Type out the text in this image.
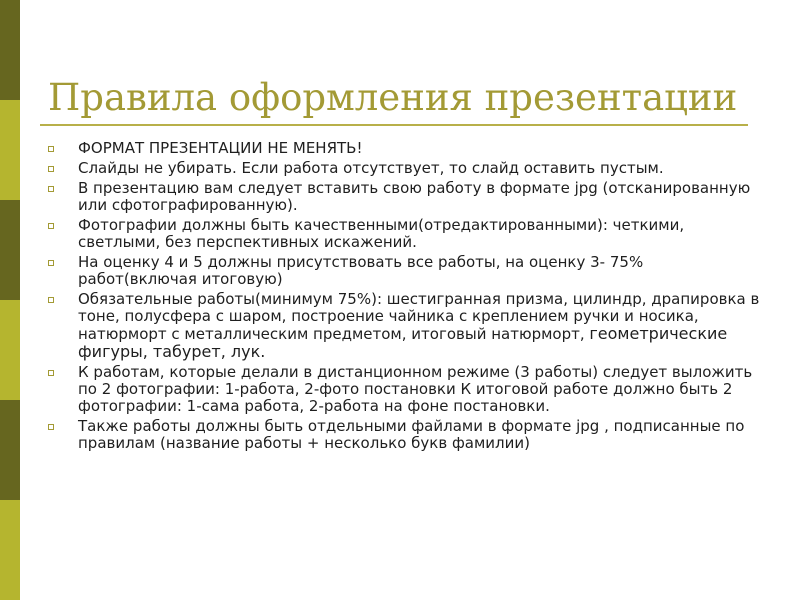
Правила оформления презентации
ФОРМАТ ПРЕЗЕНТАЦИИ НЕ МЕНЯТЬ!
Слайды не убирать. Если работа отсутствует, то слайд оставить пустым.
В презентацию вам следует вставить свою работу в формате jpg (отсканированную или сфотографированную).
Фотографии должны быть качественными(отредактированными): четкими, светлыми, без перспективных искажений.
На оценку 4 и 5 должны присутствовать все работы, на оценку 3- 75% работ(включая итоговую)
Обязательные работы(минимум 75%): шестигранная призма, цилиндр, драпировка в тоне, полусфера с шаром, построение чайника с креплением ручки и носика, натюрморт с металлическим предметом, итоговый натюрморт, геометрические фигуры, табурет, лук.
К работам, которые делали в дистанционном режиме (3 работы) следует выложить по 2 фотографии: 1-работа, 2-фото постановки К итоговой работе должно быть 2 фотографии: 1-сама работа, 2-работа на фоне постановки.
Также работы должны быть отдельными файлами в формате jpg , подписанные по правилам (название работы + несколько букв фамилии)
